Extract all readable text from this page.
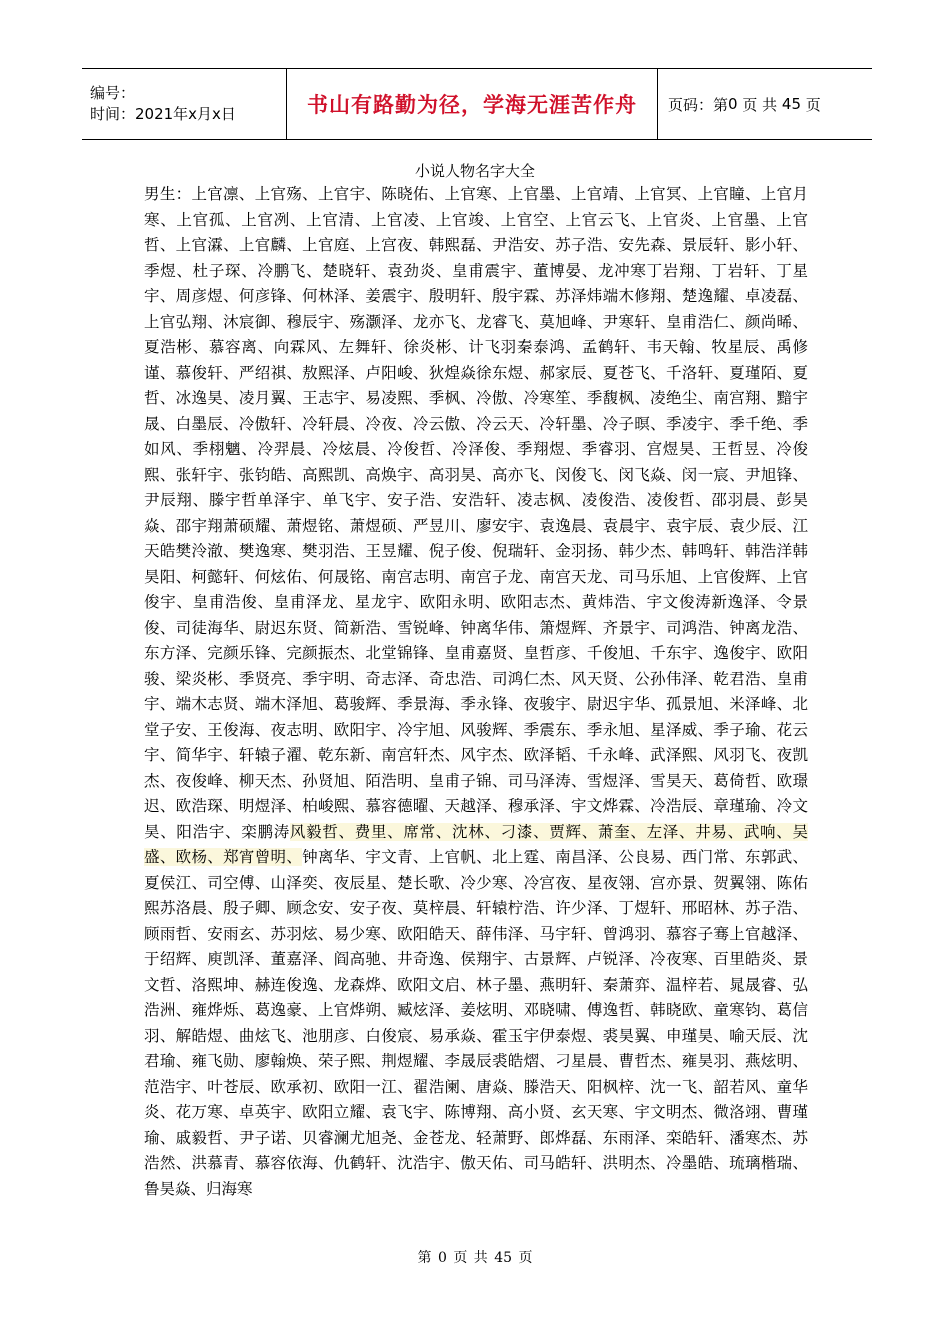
编号：
时间：2021年x月x日	书山有路勤为径，学海无涯苦作舟 页码：第 0
页 共
45
页
小说人物名字大全

男生：上官凛、上官殇、上官宇、陈晓佑、上官寒、上官墨、上官靖、上官冥、上官瞳、上官月寒、上官孤、上官冽、上官清、上官凌、上官竣、上官空、上官云飞、上官炎、上官墨、上官哲、上官瀮、上官麟、上官庭、上宫夜、韩熙磊、尹浩安、苏子浩、安先森、景辰轩、影小轩、季煜、杜子琛、冷鹏飞、楚晓轩、袁劲炎、皇甫震宇、董博晏、龙冲寒丁岩翔、丁岩轩、丁星宇、周彦煜、何彦锋、何林泽、姜震宇、殷明轩、殷宇霖、苏泽炜端木修翔、楚逸耀、卓凌磊、上官弘翔、沐宸御、穆辰宇、殇灏泽、龙亦飞、龙睿飞、莫旭峰、尹寒轩、皇甫浩仁、颜尚晞、夏浩彬、慕容离、向霖风、左舞轩、徐炎彬、计飞羽秦泰鸿、孟鹤轩、韦天翰、牧星辰、禹修谨、慕俊轩、严绍祺、敖熙泽、卢阳峻、狄煌焱徐东煜、郝家辰、夏苍飞、千洛轩、夏瑾陌、夏哲、冰逸昊、凌月翼、王志宇、易凌熙、季枫、冷傲、冷寒笙、季馥枫、凌绝尘、南宫翔、黯宇晟、白墨辰、冷傲轩、冷轩晨、冷夜、冷云傲、冷云天、冷轩墨、冷子暝、季凌宇、季千绝、季如风、季栩魑、冷羿晨、冷炫晨、冷俊哲、冷泽俊、季翔煜、季睿羽、宫煜昊、王哲昱、冷俊熙、张轩宇、张钧皓、高熙凯、高焕宇、高羽昊、高亦飞、闵俊飞、闵飞焱、闵一宸、尹旭锋、尹辰翔、滕宇哲单泽宇、单飞宇、安子浩、安浩轩、凌志枫、凌俊浩、凌俊哲、邵羽晨、彭昊焱、邵宇翔萧硕耀、萧煜铭、萧煜硕、严昱川、廖安宇、袁逸晨、袁晨宇、袁宇辰、袁少辰、江天皓樊泠澈、樊逸寒、樊羽浩、王昱耀、倪子俊、倪瑞轩、金羽扬、韩少杰、韩鸣轩、韩浩洋韩昊阳、柯懿轩、何炫佑、何晟铭、南宫志明、南宫子龙、南宫天龙、司马乐旭、上官俊辉、上官俊宇、皇甫浩俊、皇甫泽龙、星龙宇、欧阳永明、欧阳志杰、黄炜浩、宇文俊涛新逸泽、令景俊、司徒海华、尉迟东贤、简新浩、雪锐峰、钟离华伟、箫煜辉、齐景宇、司鸿浩、钟离龙浩、东方泽、完颜乐锋、完颜振杰、北堂锦锋、皇甫嘉贤、皇哲彦、千俊旭、千东宇、逸俊宇、欧阳骏、梁炎彬、季贤亮、季宇明、奇志泽、奇忠浩、司鸿仁杰、风天贤、公孙伟泽、乾君浩、皇甫宇、端木志贤、端木泽旭、葛骏辉、季景海、季永锋、夜骏宇、尉迟宇华、孤景旭、米泽峰、北堂子安、王俊海、夜志明、欧阳宇、冷宇旭、风骏辉、季震东、季永旭、星泽威、季子瑜、花云宇、简华宇、轩辕子濯、乾东新、南宫轩杰、风宇杰、欧泽韬、千永峰、武泽熙、风羽飞、夜凯杰、夜俊峰、柳天杰、孙贤旭、陌浩明、皇甫子锦、司马泽涛、雪煜泽、雪昊天、葛倚哲、欧璟迟、欧浩琛、明煜泽、柏峻熙、慕容德曜、天越泽、穆承泽、宇文烨霖、冷浩辰、章瑾瑜、冷文昊、阳浩宇、栾鹏涛风毅哲、费里、席常、沈林、刁漆、贾辉、萧奎、左泽、井易、武响、吴盛、欧杨、郑宵曾明、钟离华、宇文青、上官帆、北上霆、南昌泽、公良易、西门常、东郭武、夏侯江、司空傅、山泽奕、夜辰星、楚长歌、冷少寒、冷宫夜、星夜翎、宫亦景、贺翼翎、陈佑熙苏洛晨、殷子卿、顾念安、安子夜、莫梓晨、轩辕柠浩、许少泽、丁煜轩、邢昭林、苏子浩、顾雨哲、安雨玄、苏羽炫、易少寒、欧阳皓天、薛伟泽、马宇轩、曾鸿羽、慕容子骞上官越泽、于绍辉、庾凯泽、董嘉泽、阎高驰、井奇逸、侯翔宇、古景辉、卢锐泽、冷夜寒、百里皓炎、景文哲、洛熙坤、赫连俊逸、龙森烨、欧阳文启、林子墨、燕明轩、秦萧弈、温梓若、晁晟睿、弘浩洲、雍烨烁、葛逸豪、上官烨朔、臧炫泽、姜炫明、邓晓啸、傅逸哲、韩晓欧、童寒钧、葛信羽、解皓煜、曲炫飞、池朋彦、白俊宸、易承焱、霍玉宇伊泰煜、裘昊翼、申瑾昊、喻天辰、沈君瑜、雍飞勋、廖翰焕、荣子熙、荆煜耀、李晟辰裘皓熠、刁星晨、曹哲杰、雍昊羽、燕炫明、范浩宇、叶苍辰、欧承初、欧阳一江、翟浩阑、唐焱、滕浩天、阳枫梓、沈一飞、韶若风、童华炎、花万寒、卓英宇、欧阳立耀、袁飞宇、陈博翔、高小贤、玄天寒、宇文明杰、微洛翊、曹瑾瑜、戚毅哲、尹子诺、贝睿澜尤旭尧、金苍龙、轻萧野、郎烨磊、东雨泽、栾皓轩、潘寒杰、苏浩然、洪慕青、慕容依海、仇鹤轩、沈浩宇、傲天佑、司马皓轩、洪明杰、冷墨皓、琉璃楷瑞、鲁昊焱、归海寒

第 0 页 共 45 页
